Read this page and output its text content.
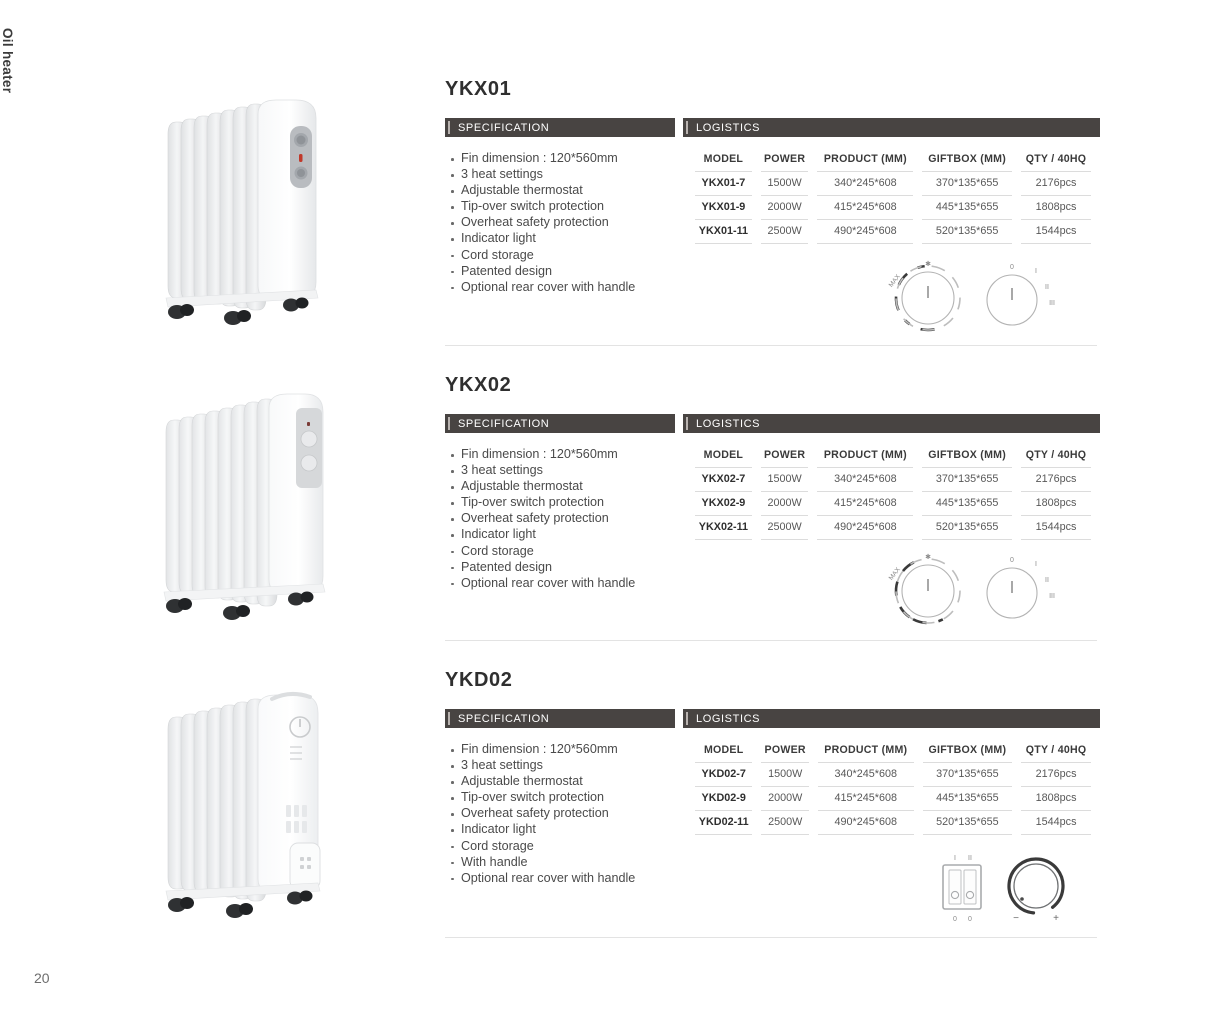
Oil heater
20
YKX01
SPECIFICATION	LOGISTICS
Fin dimension : 120*560mm
3 heat settings
Adjustable thermostat
Tip-over switch protection
Overheat safety protection
Indicator light
Cord storage
Patented design
Optional rear cover with handle
MODEL	POWER	PRODUCT (MM)	GIFTBOX (MM)	QTY / 40HQ
YKX01-7	1500W	340*245*608	370*135*655	2176pcs
YKX01-9	2000W	415*245*608	445*135*655	1808pcs
YKX01-11	2500W	490*245*608	520*135*655	1544pcs
✱
MAX
0
I
II
III
YKX02
SPECIFICATION	LOGISTICS
Fin dimension : 120*560mm
3 heat settings
Adjustable thermostat
Tip-over switch protection
Overheat safety protection
Indicator light
Cord storage
Patented design
Optional rear cover with handle
MODEL	POWER	PRODUCT (MM)	GIFTBOX (MM)	QTY / 40HQ
YKX02-7	1500W	340*245*608	370*135*655	2176pcs
YKX02-9	2000W	415*245*608	445*135*655	1808pcs
YKX02-11	2500W	490*245*608	520*135*655	1544pcs
✱
MAX
0
I
II
III
YKD02
SPECIFICATION	LOGISTICS
Fin dimension : 120*560mm
3 heat settings
Adjustable thermostat
Tip-over switch protection
Overheat safety protection
Indicator light
Cord storage
With handle
Optional rear cover with handle
MODEL	POWER	PRODUCT (MM)	GIFTBOX (MM)	QTY / 40HQ
YKD02-7	1500W	340*245*608	370*135*655	2176pcs
YKD02-9	2000W	415*245*608	445*135*655	1808pcs
YKD02-11	2500W	490*245*608	520*135*655	1544pcs
I II
0 0	−	+
